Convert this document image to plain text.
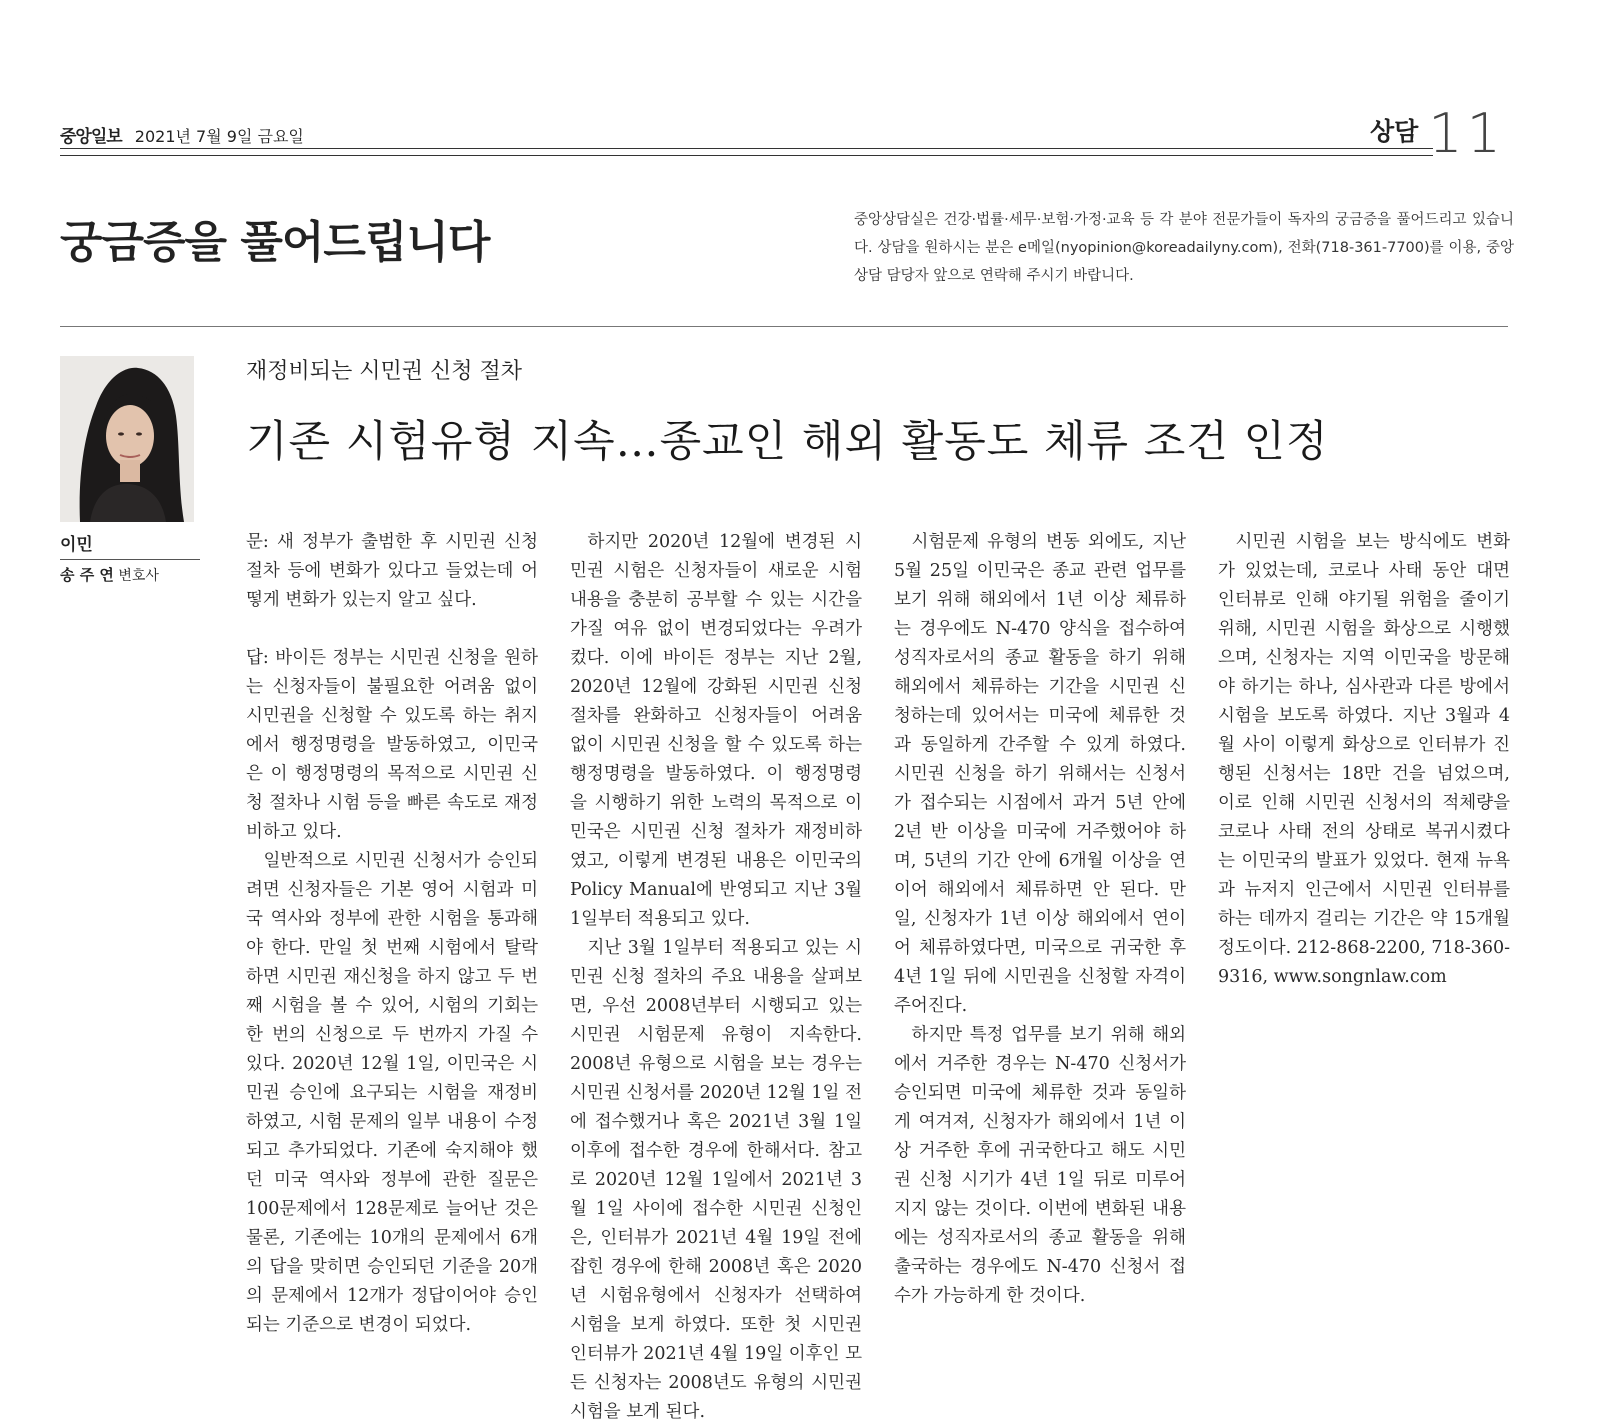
중앙일보 2021년 7월 9일 금요일	상담 11
궁금증을 풀어드립니다	중앙상담실은 건강·법률·세무·보험·가정·교육 등 각 분야 전문가들이 독자의 궁금증을 풀어드리고 있습니다. 상담을 원하시는 분은 e메일(nyopinion@koreadailyny.com), 전화(718-361-7700)를 이용, 중앙상담 담당자 앞으로 연락해 주시기 바랍니다.
이민
송 주 연 변호사
재정비되는 시민권 신청 절차
기존 시험유형 지속…종교인 해외 활동도 체류 조건 인정

문: 새 정부가 출범한 후 시민권 신청 절차 등에 변화가 있다고 들었는데 어떻게 변화가 있는지 알고 싶다.

답: 바이든 정부는 시민권 신청을 원하는 신청자들이 불필요한 어려움 없이 시민권을 신청할 수 있도록 하는 취지에서 행정명령을 발동하였고, 이민국은 이 행정명령의 목적으로 시민권 신청 절차나 시험 등을 빠른 속도로 재정비하고 있다.

일반적으로 시민권 신청서가 승인되려면 신청자들은 기본 영어 시험과 미국 역사와 정부에 관한 시험을 통과해야 한다. 만일 첫 번째 시험에서 탈락하면 시민권 재신청을 하지 않고 두 번째 시험을 볼 수 있어, 시험의 기회는 한 번의 신청으로 두 번까지 가질 수 있다. 2020년 12월 1일, 이민국은 시민권 승인에 요구되는 시험을 재정비하였고, 시험 문제의 일부 내용이 수정되고 추가되었다. 기존에 숙지해야 했던 미국 역사와 정부에 관한 질문은 100문제에서 128문제로 늘어난 것은 물론, 기존에는 10개의 문제에서 6개의 답을 맞히면 승인되던 기준을 20개의 문제에서 12개가 정답이어야 승인되는 기준으로 변경이 되었다.

하지만 2020년 12월에 변경된 시민권 시험은 신청자들이 새로운 시험 내용을 충분히 공부할 수 있는 시간을 가질 여유 없이 변경되었다는 우려가 컸다. 이에 바이든 정부는 지난 2월, 2020년 12월에 강화된 시민권 신청 절차를 완화하고 신청자들이 어려움 없이 시민권 신청을 할 수 있도록 하는 행정명령을 발동하였다. 이 행정명령을 시행하기 위한 노력의 목적으로 이민국은 시민권 신청 절차가 재정비하였고, 이렇게 변경된 내용은 이민국의 Policy Manual에 반영되고 지난 3월 1일부터 적용되고 있다.

지난 3월 1일부터 적용되고 있는 시민권 신청 절차의 주요 내용을 살펴보면, 우선 2008년부터 시행되고 있는 시민권 시험문제 유형이 지속한다. 2008년 유형으로 시험을 보는 경우는 시민권 신청서를 2020년 12월 1일 전에 접수했거나 혹은 2021년 3월 1일 이후에 접수한 경우에 한해서다. 참고로 2020년 12월 1일에서 2021년 3월 1일 사이에 접수한 시민권 신청인은, 인터뷰가 2021년 4월 19일 전에 잡힌 경우에 한해 2008년 혹은 2020년 시험유형에서 신청자가 선택하여 시험을 보게 하였다. 또한 첫 시민권 인터뷰가 2021년 4월 19일 이후인 모든 신청자는 2008년도 유형의 시민권 시험을 보게 된다.

시험문제 유형의 변동 외에도, 지난 5월 25일 이민국은 종교 관련 업무를 보기 위해 해외에서 1년 이상 체류하는 경우에도 N-470 양식을 접수하여 성직자로서의 종교 활동을 하기 위해 해외에서 체류하는 기간을 시민권 신청하는데 있어서는 미국에 체류한 것과 동일하게 간주할 수 있게 하였다. 시민권 신청을 하기 위해서는 신청서가 접수되는 시점에서 과거 5년 안에 2년 반 이상을 미국에 거주했어야 하며, 5년의 기간 안에 6개월 이상을 연이어 해외에서 체류하면 안 된다. 만일, 신청자가 1년 이상 해외에서 연이어 체류하였다면, 미국으로 귀국한 후 4년 1일 뒤에 시민권을 신청할 자격이 주어진다.

하지만 특정 업무를 보기 위해 해외에서 거주한 경우는 N-470 신청서가 승인되면 미국에 체류한 것과 동일하게 여겨져, 신청자가 해외에서 1년 이상 거주한 후에 귀국한다고 해도 시민권 신청 시기가 4년 1일 뒤로 미루어지지 않는 것이다. 이번에 변화된 내용에는 성직자로서의 종교 활동을 위해 출국하는 경우에도 N-470 신청서 접수가 가능하게 한 것이다.

시민권 시험을 보는 방식에도 변화가 있었는데, 코로나 사태 동안 대면 인터뷰로 인해 야기될 위험을 줄이기 위해, 시민권 시험을 화상으로 시행했으며, 신청자는 지역 이민국을 방문해야 하기는 하나, 심사관과 다른 방에서 시험을 보도록 하였다. 지난 3월과 4월 사이 이렇게 화상으로 인터뷰가 진행된 신청서는 18만 건을 넘었으며, 이로 인해 시민권 신청서의 적체량을 코로나 사태 전의 상태로 복귀시켰다는 이민국의 발표가 있었다. 현재 뉴욕과 뉴저지 인근에서 시민권 인터뷰를 하는 데까지 걸리는 기간은 약 15개월 정도이다. 212-868-2200, 718-360-9316, www.songnlaw.com
